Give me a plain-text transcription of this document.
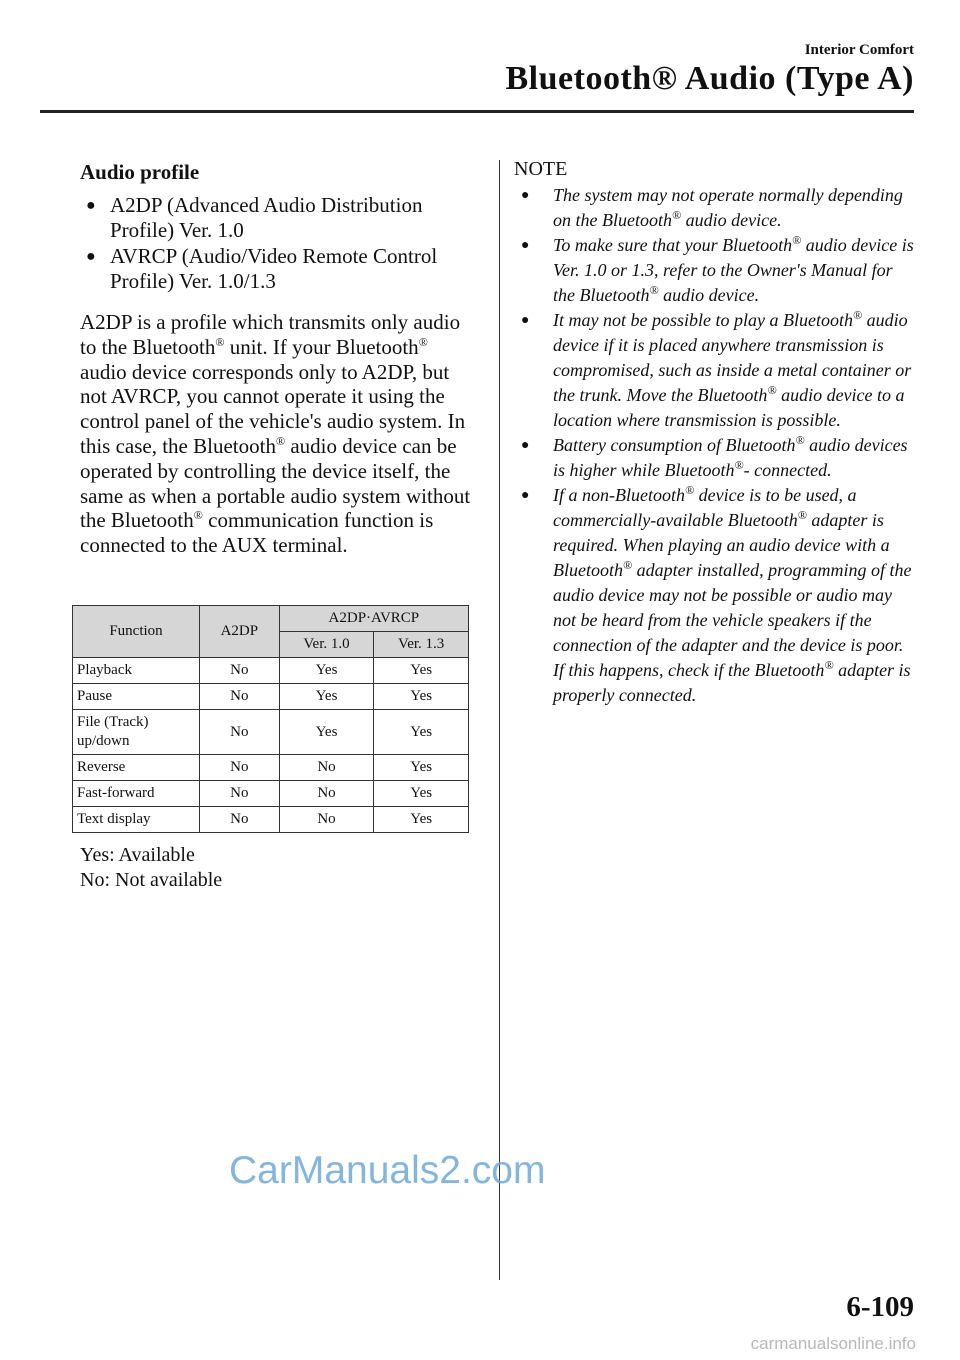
Interior Comfort
Bluetooth® Audio (Type A)
Audio profile
● A2DP (Advanced Audio Distribution Profile) Ver. 1.0
● AVRCP (Audio/Video Remote Control Profile) Ver. 1.0/1.3

A2DP is a profile which transmits only audio to the Bluetooth® unit. If your Bluetooth® audio device corresponds only to A2DP, but not AVRCP, you cannot operate it using the control panel of the vehicle's audio system. In this case, the Bluetooth® audio device can be operated by controlling the device itself, the same as when a portable audio system without the Bluetooth® communication function is connected to the AUX terminal.

Function	A2DP	A2DP·AVRCP	
		Ver. 1.0	Ver. 1.3
Playback	No	Yes	Yes
Pause	No	Yes	Yes
File (Track) up/down	No	Yes	Yes
Reverse	No	No	Yes
Fast-forward	No	No	Yes
Text display	No	No	Yes
Yes: Available
No: Not available
NOTE
● The system may not operate normally depending on the Bluetooth® audio device.
● To make sure that your Bluetooth® audio device is Ver. 1.0 or 1.3, refer to the Owner's Manual for the Bluetooth® audio device.
● It may not be possible to play a Bluetooth® audio device if it is placed anywhere transmission is compromised, such as inside a metal container or the trunk. Move the Bluetooth® audio device to a location where transmission is possible.
● Battery consumption of Bluetooth® audio devices is higher while Bluetooth®- connected.
● If a non-Bluetooth® device is to be used, a commercially-available Bluetooth® adapter is required. When playing an audio device with a Bluetooth® adapter installed, programming of the audio device may not be possible or audio may not be heard from the vehicle speakers if the connection of the adapter and the device is poor. If this happens, check if the Bluetooth® adapter is properly connected.
CarManuals2.com
6-109
carmanualsonline.info
